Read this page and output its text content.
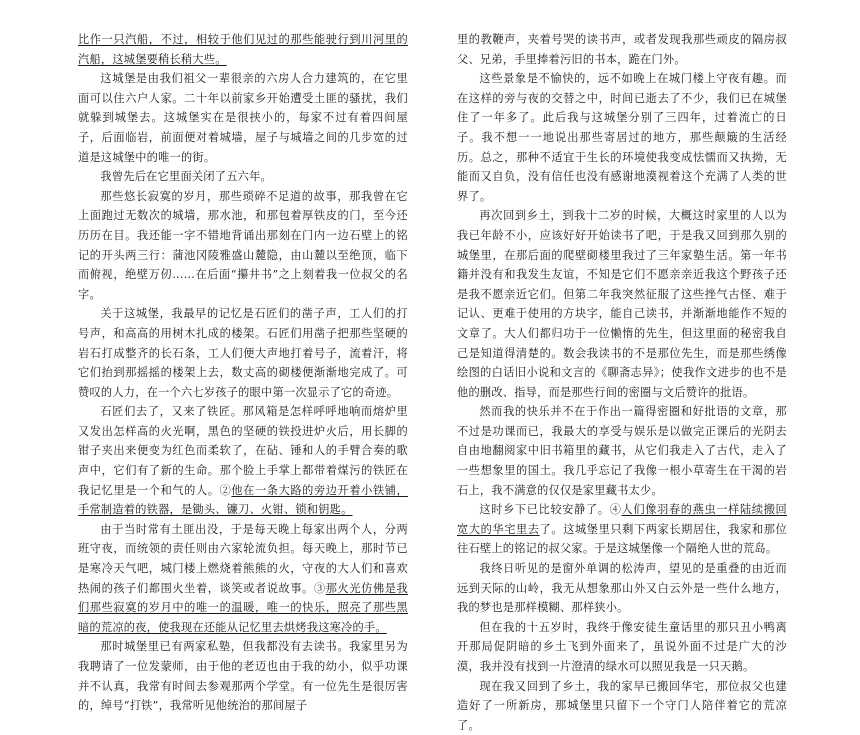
比作一只汽船，不过，相较于他们见过的那些能驶行到川河里的汽船，这城堡要稍长稍大些。

这城堡是由我们祖父一辈很亲的六房人合力建筑的，在它里面可以住六户人家。二十年以前家乡开始遭受土匪的骚扰，我们就躲到城堡去。这城堡实在是很挟小的，每家不过有着四间屋子，后面临岩，前面便对着城墙，屋子与城墙之间的几步宽的过道是这城堡中的唯一的街。

我曾先后在它里面关闭了五六年。

那些悠长寂寞的岁月，那些琐碎不足道的故事，那我曾在它上面跑过无数次的城墙，那水池，和那包着厚铁皮的门，至今还历历在目。我还能一字不错地背诵出那刻在门内一边石壁上的铭记的开头两三行：蒲池冈陵雅盛山麓隐，由山麓以至绝顶，临下而俯视，绝壁万仞……在后面“攥井书”之上刻着我一位叔父的名字。

关于这城堡，我最早的记忆是石匠们的凿子声，工人们的打号声，和高高的用树木扎成的楼架。石匠们用凿子把那些坚硬的岩石打成整齐的长石条，工人们便大声地打着号子，流着汗，将它们抬到那摇摇的楼架上去，数丈高的砌楼便渐渐地完成了。可赞叹的人力，在一个六七岁孩子的眼中第一次显示了它的奇迹。

石匠们去了，又来了铁匠。那风箱是怎样呼呼地响而熔炉里又发出怎样高的火光啊，黑色的坚硬的铁投进炉火后，用长脚的钳子夹出来便变为红色而柔软了，在砧、锤和人的手臂合奏的歌声中，它们有了新的生命。那个脸上手掌上都带着煤污的铁匠在我记忆里是一个和气的人。②他在一条大路的旁边开着小铁铺，手常制造着的铁器，是锄头、镰刀、火钳、锁和钥匙。

由于当时常有土匪出没，于是每天晚上每家出两个人，分两班守夜，而统领的责任则由六家轮流负担。每天晚上，那时节已是寒冷天气吧，城门楼上燃烧着熊熊的火，守夜的大人们和喜欢热闹的孩子们都围火坐着，谈笑或者说故事。③那火光仿佛是我们那些寂寞的岁月中的唯一的温暖，唯一的快乐，照亮了那些黑暗的荒凉的夜，使我现在还能从记忆里去烘烤我这寒冷的手。

那时城堡里已有两家私塾，但我都没有去读书。我家里另为我聘请了一位发蒙师，由于他的老迈也由于我的幼小，似乎功课并不认真，我常有时间去参观那两个学堂。有一位先生是很厉害的，绰号“打铁”，我常听见他统治的那间屋子

里的教鞭声，夹着号哭的读书声，或者发现我那些顽皮的隔房叔父、兄弟，手里捧着污旧的书本，跪在门外。

这些景象是不愉快的，远不如晚上在城门楼上守夜有趣。而在这样的旁与夜的交替之中，时间已逝去了不少，我们已在城堡住了一年多了。此后我与这城堡分别了三四年，过着流亡的日子。我不想一一地说出那些寄居过的地方，那些颠簸的生活经历。总之，那种不适宜于生长的环境使我变成怯懦而又执拗，无能而又自负，没有信任也没有感谢地漠视着这个充满了人类的世界了。

再次回到乡土，到我十二岁的时候，大概这时家里的人以为我已年龄不小，应该好好开始读书了吧，于是我又回到那久别的城堡里，在那后面的爬壁砌楼里我过了三年家塾生活。第一年书籍并没有和我发生友谊，不知是它们不愿亲亲近我这个野孩子还是我不愿亲近它们。但第二年我突然征服了这些挫气古怪、难于记认、更难于使用的方块字，能自己读书，并渐渐地能作不短的文章了。大人们都归功于一位懒惰的先生，但这里面的秘密我自己是知道得清楚的。数会我读书的不是那位先生，而是那些绣像绘图的白话旧小说和文言的《聊斋志异》；使我作文进步的也不是他的删改、指导，而是那些行间的密圈与文后赞许的批语。

然而我的快乐并不在于作出一篇得密圈和好批语的文章，那不过是功课而已，我最大的享受与娱乐是以做完正课后的光阴去自由地翻阅家中旧书箱里的藏书，从它们我走入了古代，走入了一些想象里的国土。我几乎忘记了我像一根小草寄生在干渴的岩石上，我不满意的仅仅是家里藏书太少。

这时乡下已比较安静了。④人们像羽春的燕虫一样陆续搬回宽大的华宅里去了。这城堡里只剩下两家长期居住，我家和那位往石壁上的铭记的叔父家。于是这城堡像一个隔绝人世的荒岛。

我终日听见的是窗外单调的松涛声，望见的是重叠的由近而远到天际的山岭，我无从想象那山外又白云外是一些什么地方，我的梦也是那样模糊、那样狭小。

但在我的十五岁时，我终于像安徒生童话里的那只丑小鸭离开那局促阴暗的乡土飞到外面来了，虽说外面不过是广大的沙漠，我并没有找到一片澄清的绿水可以照见我是一只天鹅。

现在我又回到了乡土，我的家早已搬回华宅，那位叔父也建造好了一所新房，那城堡里只留下一个守门人陪伴着它的荒凉了。
